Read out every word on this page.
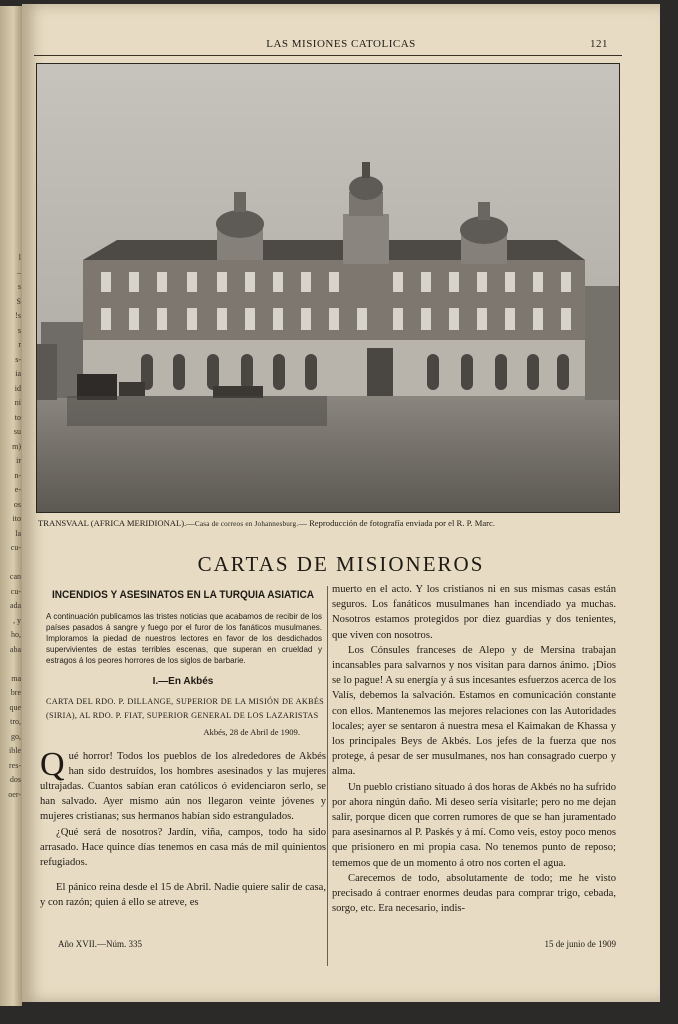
l
–
s
S
!s
s
r
s-
ia
id
ni
to
su
m)
ir
n-
e-
os
ito
la
cu-

can
cu-
ada
, y
ho,
aba

ma
bre
que
tro,
go,
ible
res-
dos
oer-
LAS MISIONES CATOLICAS	121
TRANSVAAL (AFRICA MERIDIONAL).—Casa de correos en Johannesburg.— Reproducción de fotografía enviada por el R. P. Marc.
CARTAS DE MISIONEROS
INCENDIOS Y ASESINATOS EN LA TURQUIA ASIATICA
A continuación publicamos las tristes noticias que acabamos de recibir de los países pasados á sangre y fuego por el furor de los fanáticos musulmanes. Imploramos la piedad de nuestros lectores en favor de los desdichados supervivientes de estas terribles escenas, que superan en crueldad y estragos á los peores horrores de los siglos de barbarie.
I.—En Akbés
CARTA DEL RDO. P. DILLANGE, SUPERIOR DE LA MISIÓN DE AKBÉS (SIRIA), AL RDO. P. FIAT, SUPERIOR GENERAL DE LOS LAZARISTAS
Akbés, 28 de Abril de 1909.

Qué horror! Todos los pueblos de los alrededores de Akbés han sido destruídos, los hombres asesinados y las mujeres ultrajadas. Cuantos sabían eran católicos ó evidenciaron serlo, se han salvado. Ayer mismo aún nos llegaron veinte jóvenes y mujeres cristianas; sus hermanos habían sido estrangulados.

¿Qué será de nosotros? Jardín, viña, campos, todo ha sido arrasado. Hace quince días tenemos en casa más de mil quinientos refugiados.

El pánico reina desde el 15 de Abril. Nadie quiere salir de casa, y con razón; quien á ello se atreve, es

muerto en el acto. Y los cristianos ni en sus mismas casas están seguros. Los fanáticos musulmanes han incendiado ya muchas. Nosotros estamos protegidos por diez guardias y dos tenientes, que viven con nosotros.

Los Cónsules franceses de Alepo y de Mersina trabajan incansables para salvarnos y nos visitan para darnos ánimo. ¡Dios se lo pague! A su energía y á sus incesantes esfuerzos acerca de los Valís, debemos la salvación. Estamos en comunicación constante con ellos. Mantenemos las mejores relaciones con las Autoridades locales; ayer se sentaron á nuestra mesa el Kaimakan de Khassa y los principales Beys de Akbés. Los jefes de la fuerza que nos protege, á pesar de ser musulmanes, nos han consagrado cuerpo y alma.

Un pueblo cristiano situado á dos horas de Akbés no ha sufrido por ahora ningún daño. Mi deseo sería visitarle; pero no me dejan salir, porque dicen que corren rumores de que se han juramentado para asesinarnos al P. Paskés y á mí. Como veis, estoy poco menos que prisionero en mi propia casa. No tenemos punto de reposo; tememos que de un momento á otro nos corten el agua.

Carecemos de todo, absolutamente de todo; me he visto precisado á contraer enormes deudas para comprar trigo, cebada, sorgo, etc. Era necesario, indis-

Año XVII.—Núm. 335	15 de junio de 1909
